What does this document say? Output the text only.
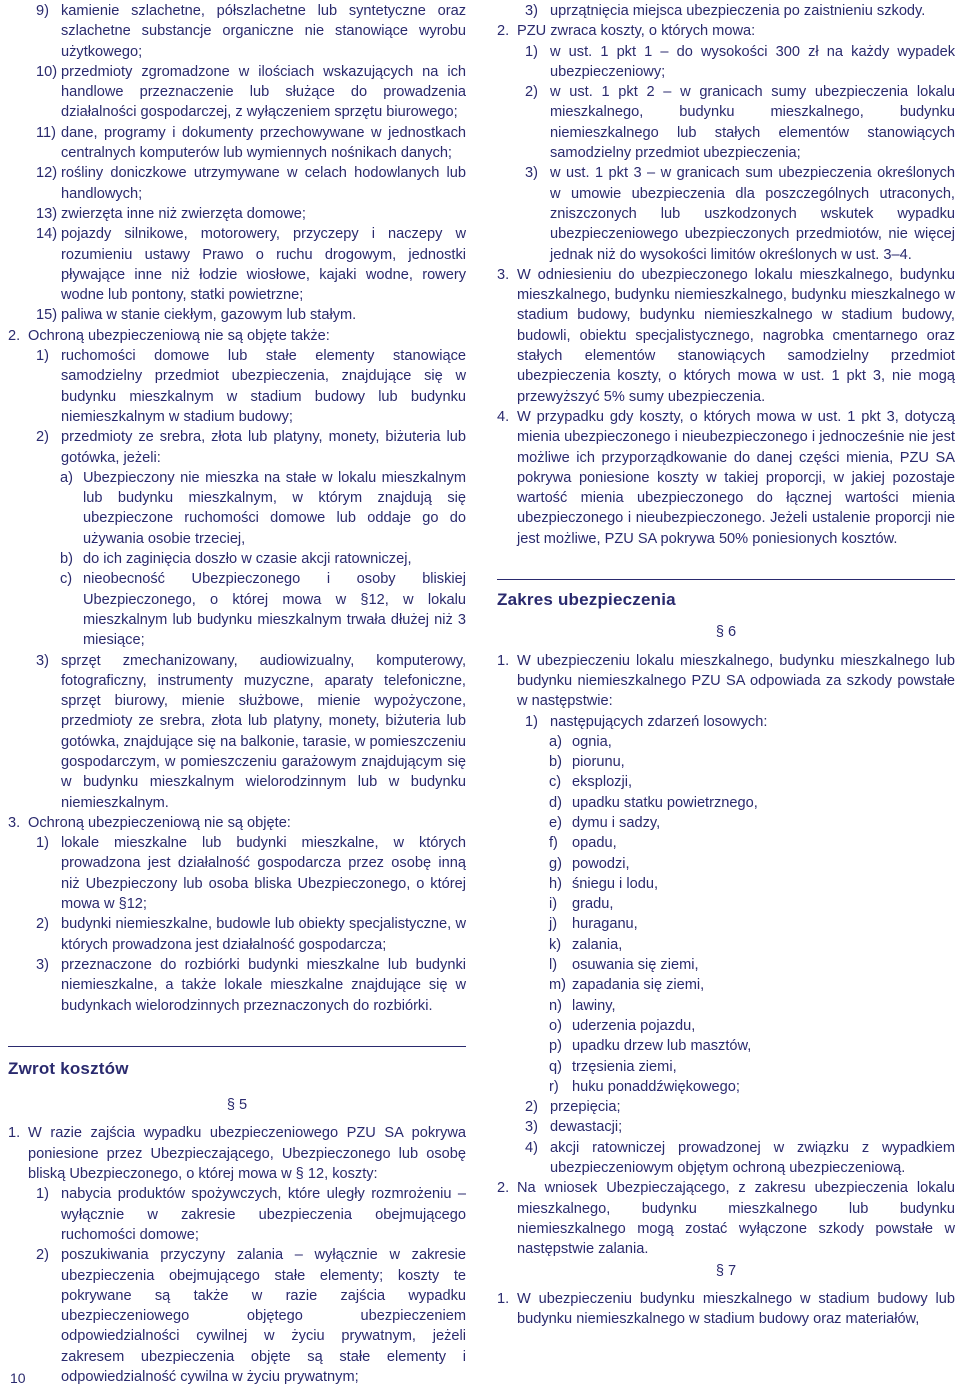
9) kamienie szlachetne, półszlachetne lub syntetyczne oraz szlachetne substancje organiczne nie stanowiące wyrobu użytkowego;
10) przedmioty zgromadzone w ilościach wskazujących na ich handlowe przeznaczenie lub służące do prowadzenia działalności gospodarczej, z wyłączeniem sprzętu biurowego;
11) dane, programy i dokumenty przechowywane w jednostkach centralnych komputerów lub wymiennych nośnikach danych;
12) rośliny doniczkowe utrzymywane w celach hodowlanych lub handlowych;
13) zwierzęta inne niż zwierzęta domowe;
14) pojazdy silnikowe, motorowery, przyczepy i naczepy w rozumieniu ustawy Prawo o ruchu drogowym, jednostki pływające inne niż łodzie wiosłowe, kajaki wodne, rowery wodne lub pontony, statki powietrzne;
15) paliwa w stanie ciekłym, gazowym lub stałym.
2. Ochroną ubezpieczeniową nie są objęte także:
1) ruchomości domowe lub stałe elementy stanowiące samodzielny przedmiot ubezpieczenia, znajdujące się w budynku mieszkalnym w stadium budowy lub budynku niemieszkalnym w stadium budowy;
2) przedmioty ze srebra, złota lub platyny, monety, biżuteria lub gotówka, jeżeli:
a) Ubezpieczony nie mieszka na stałe w lokalu mieszkalnym lub budynku mieszkalnym, w którym znajdują się ubezpieczone ruchomości domowe lub oddaje go do używania osobie trzeciej,
b) do ich zaginięcia doszło w czasie akcji ratowniczej,
c) nieobecność Ubezpieczonego i osoby bliskiej Ubezpieczonego, o której mowa w §12, w lokalu mieszkalnym lub budynku mieszkalnym trwała dłużej niż 3 miesiące;
3) sprzęt zmechanizowany, audiowizualny, komputerowy, fotograficzny, instrumenty muzyczne, aparaty telefoniczne, sprzęt biurowy, mienie służbowe, mienie wypożyczone, przedmioty ze srebra, złota lub platyny, monety, biżuteria lub gotówka, znajdujące się na balkonie, tarasie, w pomieszczeniu gospodarczym, w pomieszczeniu garażowym znajdującym się w budynku mieszkalnym wielorodzinnym lub w budynku niemieszkalnym.
3. Ochroną ubezpieczeniową nie są objęte:
1) lokale mieszkalne lub budynki mieszkalne, w których prowadzona jest działalność gospodarcza przez osobę inną niż Ubezpieczony lub osoba bliska Ubezpieczonego, o której mowa w §12;
2) budynki niemieszkalne, budowle lub obiekty specjalistyczne, w których prowadzona jest działalność gospodarcza;
3) przeznaczone do rozbiórki budynki mieszkalne lub budynki niemieszkalne, a także lokale mieszkalne znajdujące się w budynkach wielorodzinnych przeznaczonych do rozbiórki.
Zwrot kosztów
§ 5
1. W razie zajścia wypadku ubezpieczeniowego PZU SA pokrywa poniesione przez Ubezpieczającego, Ubezpieczonego lub osobę bliską Ubezpieczonego, o której mowa w § 12, koszty:
1) nabycia produktów spożywczych, które uległy rozmrożeniu – wyłącznie w zakresie ubezpieczenia obejmującego ruchomości domowe;
2) poszukiwania przyczyny zalania – wyłącznie w zakresie ubezpieczenia obejmującego stałe elementy; koszty te pokrywane są także w razie zajścia wypadku ubezpieczeniowego objętego ubezpieczeniem odpowiedzialności cywilnej w życiu prywatnym, jeżeli zakresem ubezpieczenia objęte są stałe elementy i odpowiedzialność cywilna w życiu prywatnym;
3) uprzątnięcia miejsca ubezpieczenia po zaistnieniu szkody.
2. PZU zwraca koszty, o których mowa:
1) w ust. 1 pkt 1 – do wysokości 300 zł na każdy wypadek ubezpieczeniowy;
2) w ust. 1 pkt 2 – w granicach sumy ubezpieczenia lokalu mieszkalnego, budynku mieszkalnego, budynku niemieszkalnego lub stałych elementów stanowiących samodzielny przedmiot ubezpieczenia;
3) w ust. 1 pkt 3 – w granicach sum ubezpieczenia określonych w umowie ubezpieczenia dla poszczególnych utraconych, zniszczonych lub uszkodzonych wskutek wypadku ubezpieczeniowego ubezpieczonych przedmiotów, nie więcej jednak niż do wysokości limitów określonych w ust. 3–4.
3. W odniesieniu do ubezpieczonego lokalu mieszkalnego, budynku mieszkalnego, budynku niemieszkalnego, budynku mieszkalnego w stadium budowy, budynku niemieszkalnego w stadium budowy, budowli, obiektu specjalistycznego, nagrobka cmentarnego oraz stałych elementów stanowiących samodzielny przedmiot ubezpieczenia koszty, o których mowa w ust. 1 pkt 3, nie mogą przewyższyć 5% sumy ubezpieczenia.
4. W przypadku gdy koszty, o których mowa w ust. 1 pkt 3, dotyczą mienia ubezpieczonego i nieubezpieczonego i jednocześnie nie jest możliwe ich przyporządkowanie do danej części mienia, PZU SA pokrywa poniesione koszty w takiej proporcji, w jakiej pozostaje wartość mienia ubezpieczonego do łącznej wartości mienia ubezpieczonego i nieubezpieczonego. Jeżeli ustalenie proporcji nie jest możliwe, PZU SA pokrywa 50% poniesionych kosztów.
Zakres ubezpieczenia
§ 6
1. W ubezpieczeniu lokalu mieszkalnego, budynku mieszkalnego lub budynku niemieszkalnego PZU SA odpowiada za szkody powstałe w następstwie:
1) następujących zdarzeń losowych:
a) ognia,
b) piorunu,
c) eksplozji,
d) upadku statku powietrznego,
e) dymu i sadzy,
f) opadu,
g) powodzi,
h) śniegu i lodu,
i) gradu,
j) huraganu,
k) zalania,
l) osuwania się ziemi,
m) zapadania się ziemi,
n) lawiny,
o) uderzenia pojazdu,
p) upadku drzew lub masztów,
q) trzęsienia ziemi,
r) huku ponaddźwiękowego;
2) przepięcia;
3) dewastacji;
4) akcji ratowniczej prowadzonej w związku z wypadkiem ubezpieczeniowym objętym ochroną ubezpieczeniową.
2. Na wniosek Ubezpieczającego, z zakresu ubezpieczenia lokalu mieszkalnego, budynku mieszkalnego lub budynku niemieszkalnego mogą zostać wyłączone szkody powstałe w następstwie zalania.
§ 7
1. W ubezpieczeniu budynku mieszkalnego w stadium budowy lub budynku niemieszkalnego w stadium budowy oraz materiałów,
10
